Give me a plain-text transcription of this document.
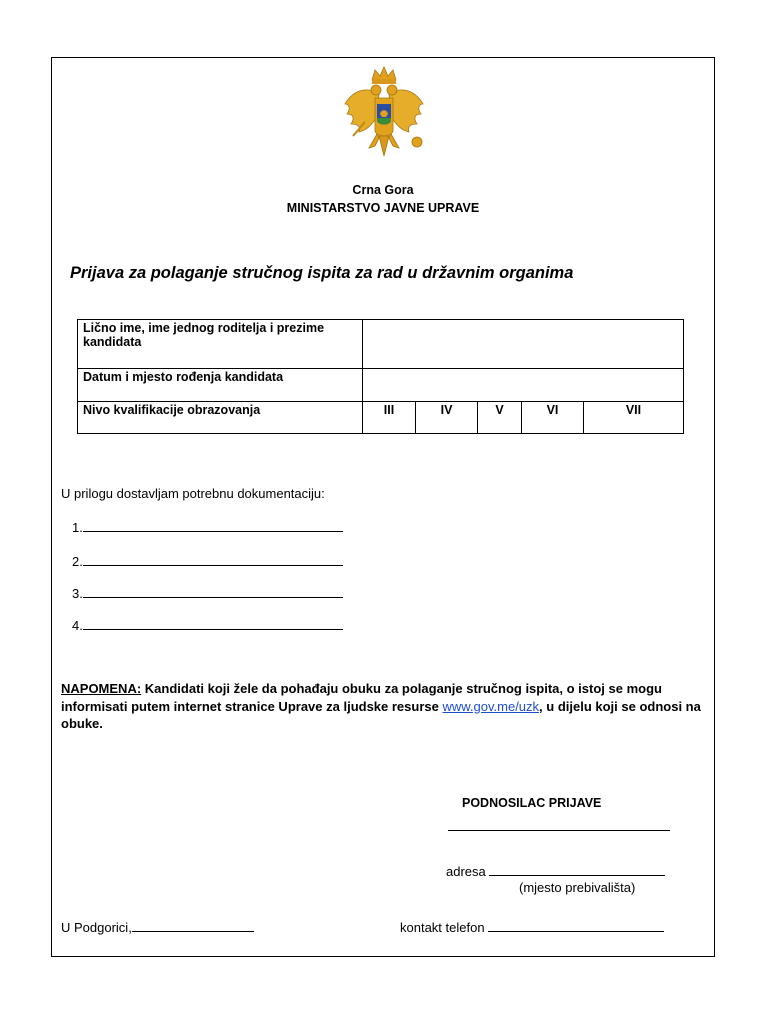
Crna Gora
MINISTARSTVO JAVNE UPRAVE
Prijava za polaganje stručnog ispita za rad u državnim organima
Lično ime, ime jednog roditelja i prezime kandidata					
Datum i mjesto rođenja kandidata					
Nivo kvalifikacije obrazovanja	III	IV	V	VI	VII
U prilogu dostavljam potrebnu dokumentaciju:
1.
2.
3.
4.
NAPOMENA: Kandidati koji žele da pohađaju obuku za polaganje stručnog ispita, o istoj se mogu informisati putem internet stranice Uprave za ljudske resurse www.gov.me/uzk, u dijelu koji se odnosi na obuke.
PODNOSILAC PRIJAVE
adresa
(mjesto prebivališta)
U Podgorici,	kontakt telefon
